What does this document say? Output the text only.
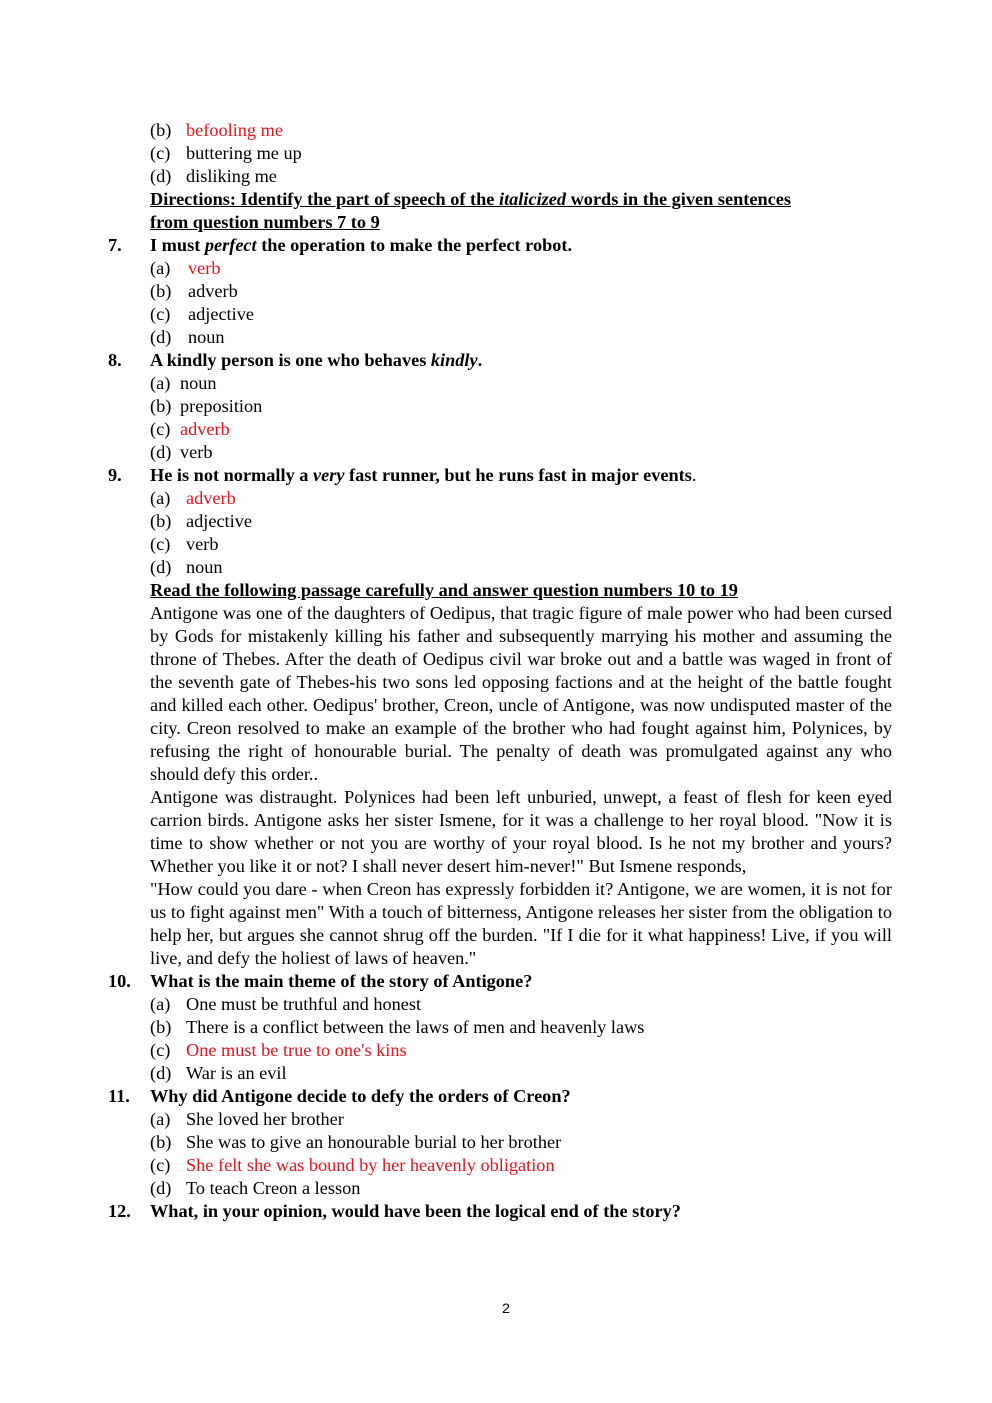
(b) befooling me
(c) buttering me up
(d) disliking me
Directions: Identify the part of speech of the italicized words in the given sentences
from question numbers 7 to 9
7. I must perfect the operation to make the perfect robot.
(a) verb
(b) adverb
(c) adjective
(d) noun
8. A kindly person is one who behaves kindly.
(a) noun
(b) preposition
(c) adverb
(d) verb
9. He is not normally a very fast runner, but he runs fast in major events.
(a) adverb
(b) adjective
(c) verb
(d) noun
Read the following passage carefully and answer question numbers 10 to 19

Antigone was one of the daughters of Oedipus, that tragic figure of male power who had been cursed by Gods for mistakenly killing his father and subsequently marrying his mother and assuming the throne of Thebes. After the death of Oedipus civil war broke out and a battle was waged in front of the seventh gate of Thebes-his two sons led opposing factions and at the height of the battle fought and killed each other. Oedipus' brother, Creon, uncle of Antigone, was now undisputed master of the city. Creon resolved to make an example of the brother who had fought against him, Polynices, by refusing the right of honourable burial. The penalty of death was promulgated against any who should defy this order..

Antigone was distraught. Polynices had been left unburied, unwept, a feast of flesh for keen eyed carrion birds. Antigone asks her sister Ismene, for it was a challenge to her royal blood. "Now it is time to show whether or not you are worthy of your royal blood. Is he not my brother and yours? Whether you like it or not? I shall never desert him-never!" But Ismene responds,

"How could you dare - when Creon has expressly forbidden it? Antigone, we are women, it is not for us to fight against men" With a touch of bitterness, Antigone releases her sister from the obligation to help her, but argues she cannot shrug off the burden. "If I die for it what happiness! Live, if you will live, and defy the holiest of laws of heaven."

10. What is the main theme of the story of Antigone?
(a) One must be truthful and honest
(b) There is a conflict between the laws of men and heavenly laws
(c) One must be true to one's kins
(d) War is an evil
11. Why did Antigone decide to defy the orders of Creon?
(a) She loved her brother
(b) She was to give an honourable burial to her brother
(c) She felt she was bound by her heavenly obligation
(d) To teach Creon a lesson
12. What, in your opinion, would have been the logical end of the story?
2
